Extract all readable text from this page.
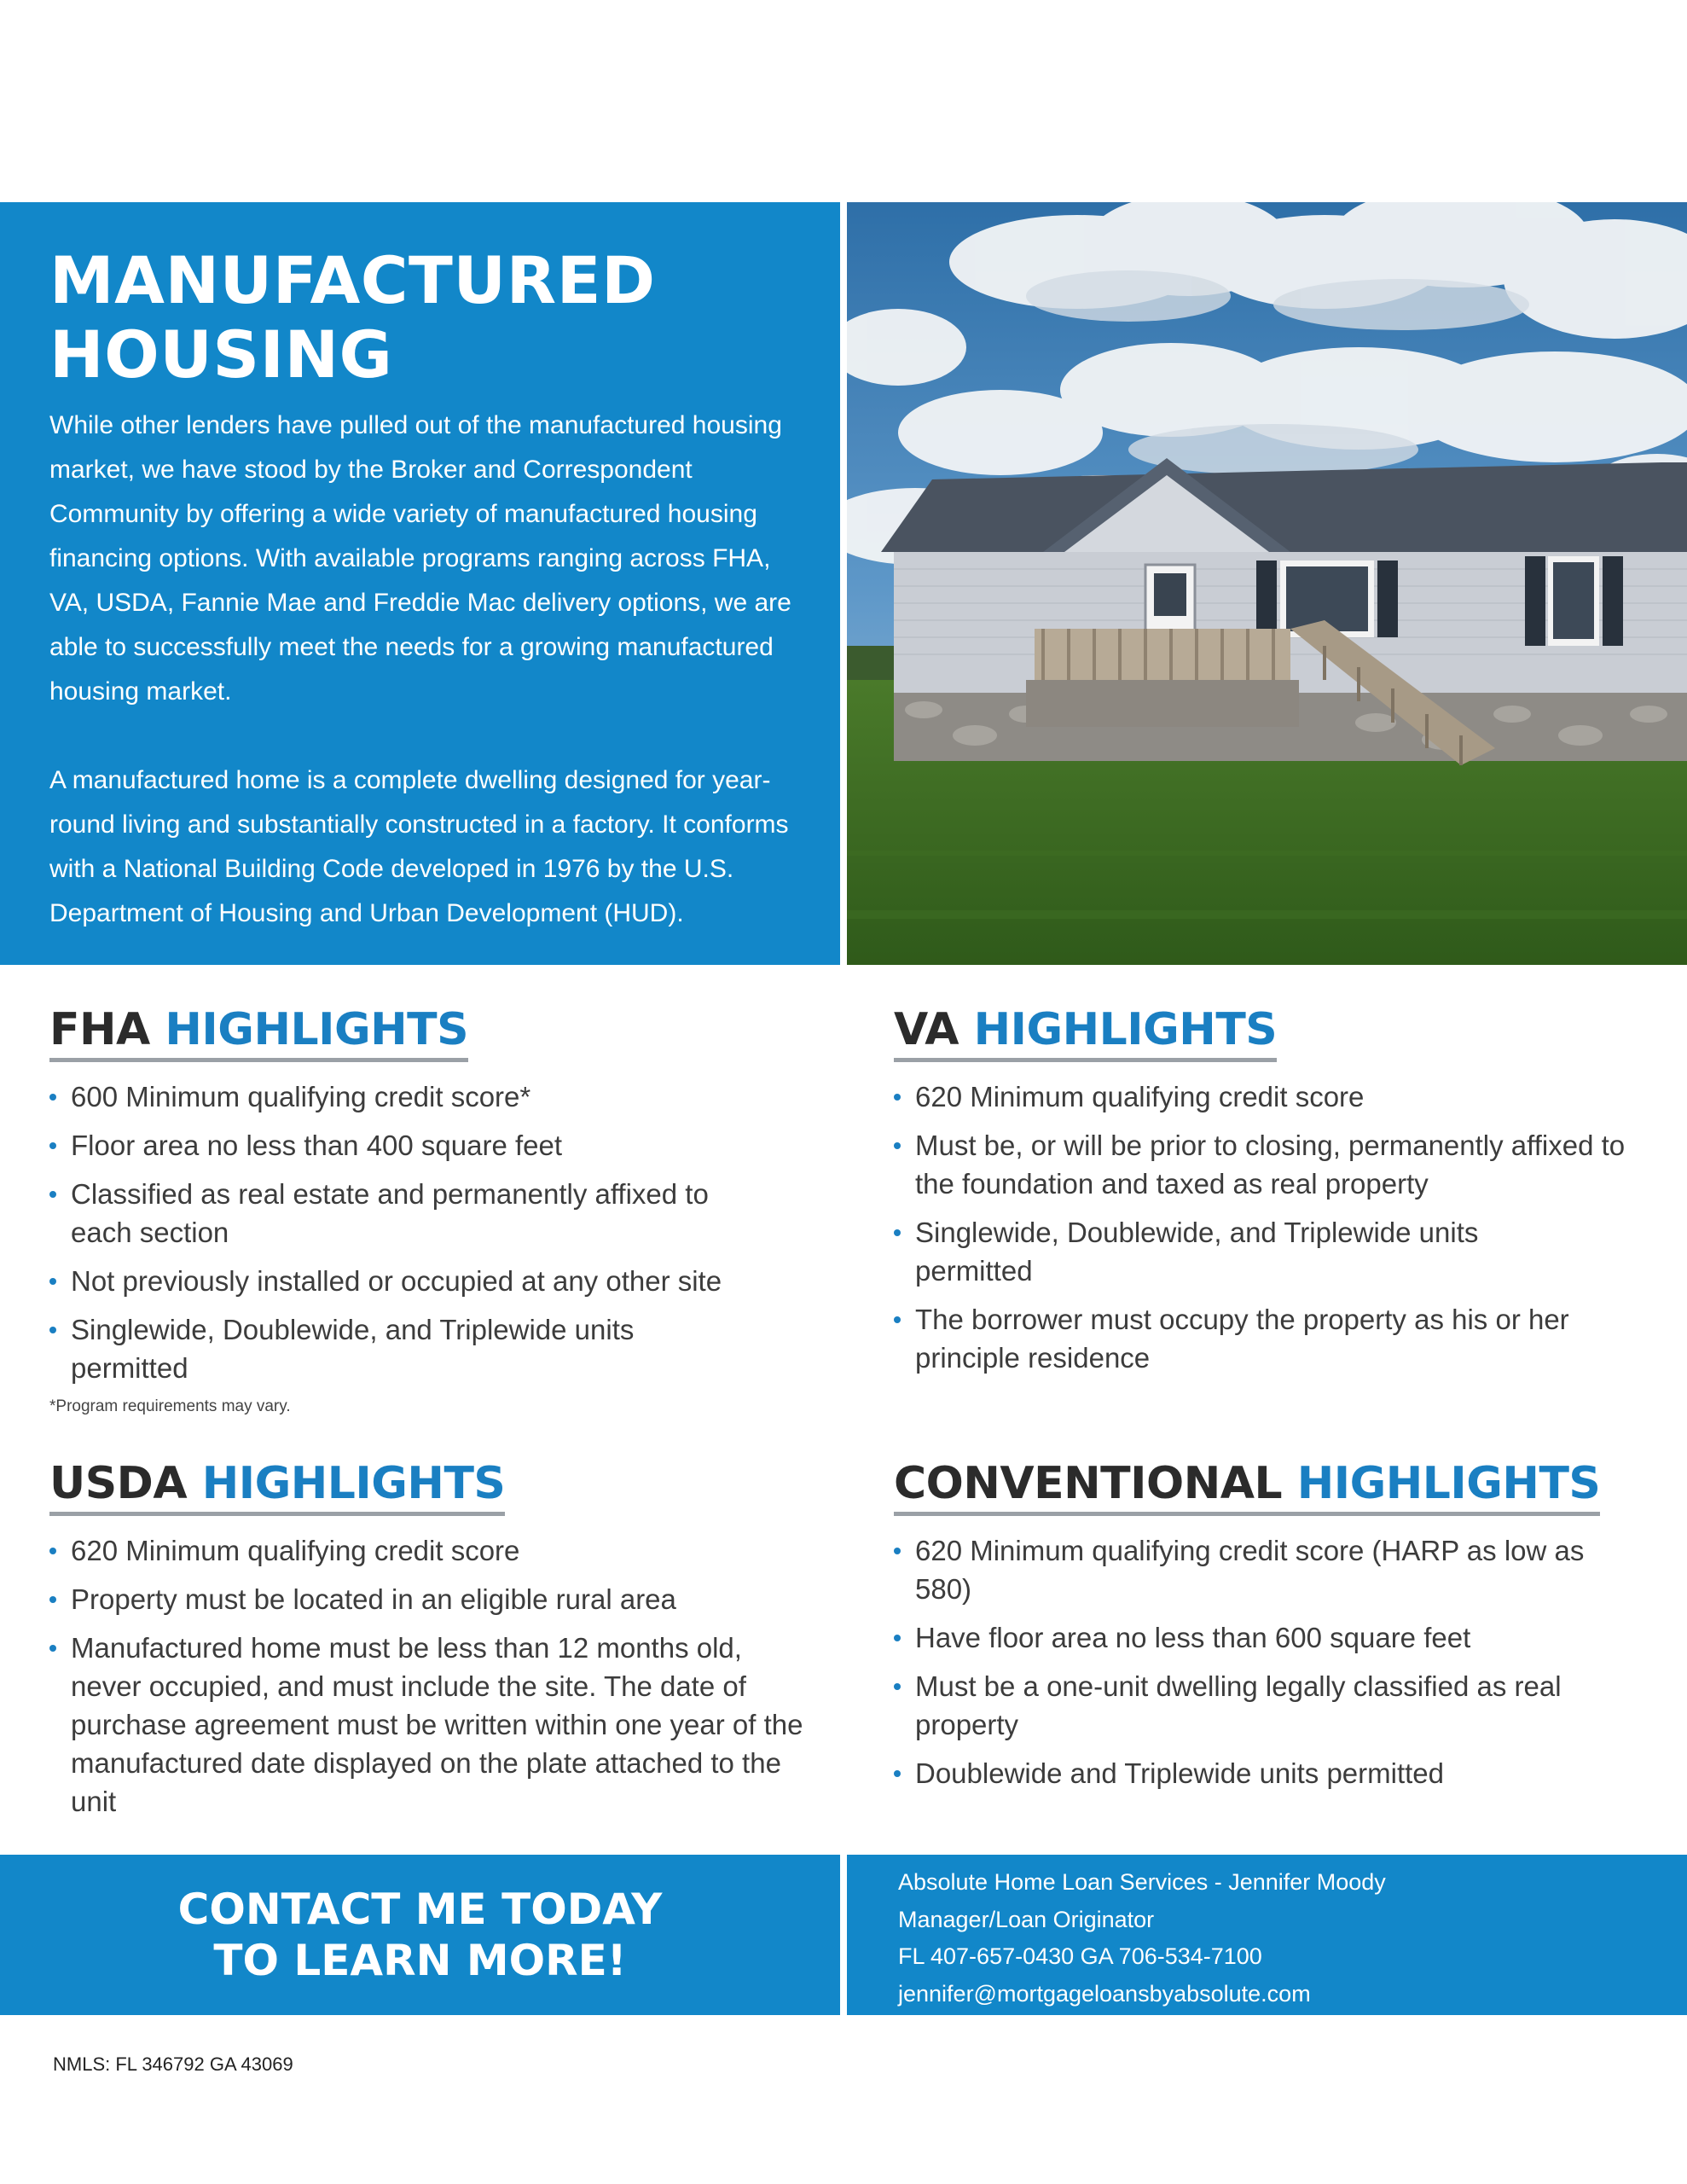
MANUFACTURED
HOUSING

While other lenders have pulled out of the manufactured housing market, we have stood by the Broker and Correspondent Community by offering a wide variety of manufactured housing financing options. With available programs ranging across FHA, VA, USDA, Fannie Mae and Freddie Mac delivery options, we are able to successfully meet the needs for a growing manufactured housing market.

A manufactured home is a complete dwelling designed for year-round living and substantially constructed in a factory. It conforms with a National Building Code developed in 1976 by the U.S. Department of Housing and Urban Development (HUD).

FHA HIGHLIGHTS
600 Minimum qualifying credit score*
Floor area no less than 400 square feet
Classified as real estate and permanently affixed to each section
Not previously installed or occupied at any other site
Singlewide, Doublewide, and Triplewide units permitted

*Program requirements may vary.

VA HIGHLIGHTS
620 Minimum qualifying credit score
Must be, or will be prior to closing, permanently affixed to the foundation and taxed as real property
Singlewide, Doublewide, and Triplewide units permitted
The borrower must occupy the property as his or her principle residence
USDA HIGHLIGHTS
620 Minimum qualifying credit score
Property must be located in an eligible rural area
Manufactured home must be less than 12 months old, never occupied, and must include the site. The date of purchase agreement must be written within one year of the manufactured date displayed on the plate attached to the unit
CONVENTIONAL HIGHLIGHTS
620 Minimum qualifying credit score (HARP as low as 580)
Have floor area no less than 600 square feet
Must be a one-unit dwelling legally classified as real property
Doublewide and Triplewide units permitted
CONTACT ME TODAY
TO LEARN MORE!
Absolute Home Loan Services - Jennifer Moody
Manager/Loan Originator
FL 407-657-0430 GA 706-534-7100
jennifer@mortgageloansbyabsolute.com
NMLS: FL 346792 GA 43069
